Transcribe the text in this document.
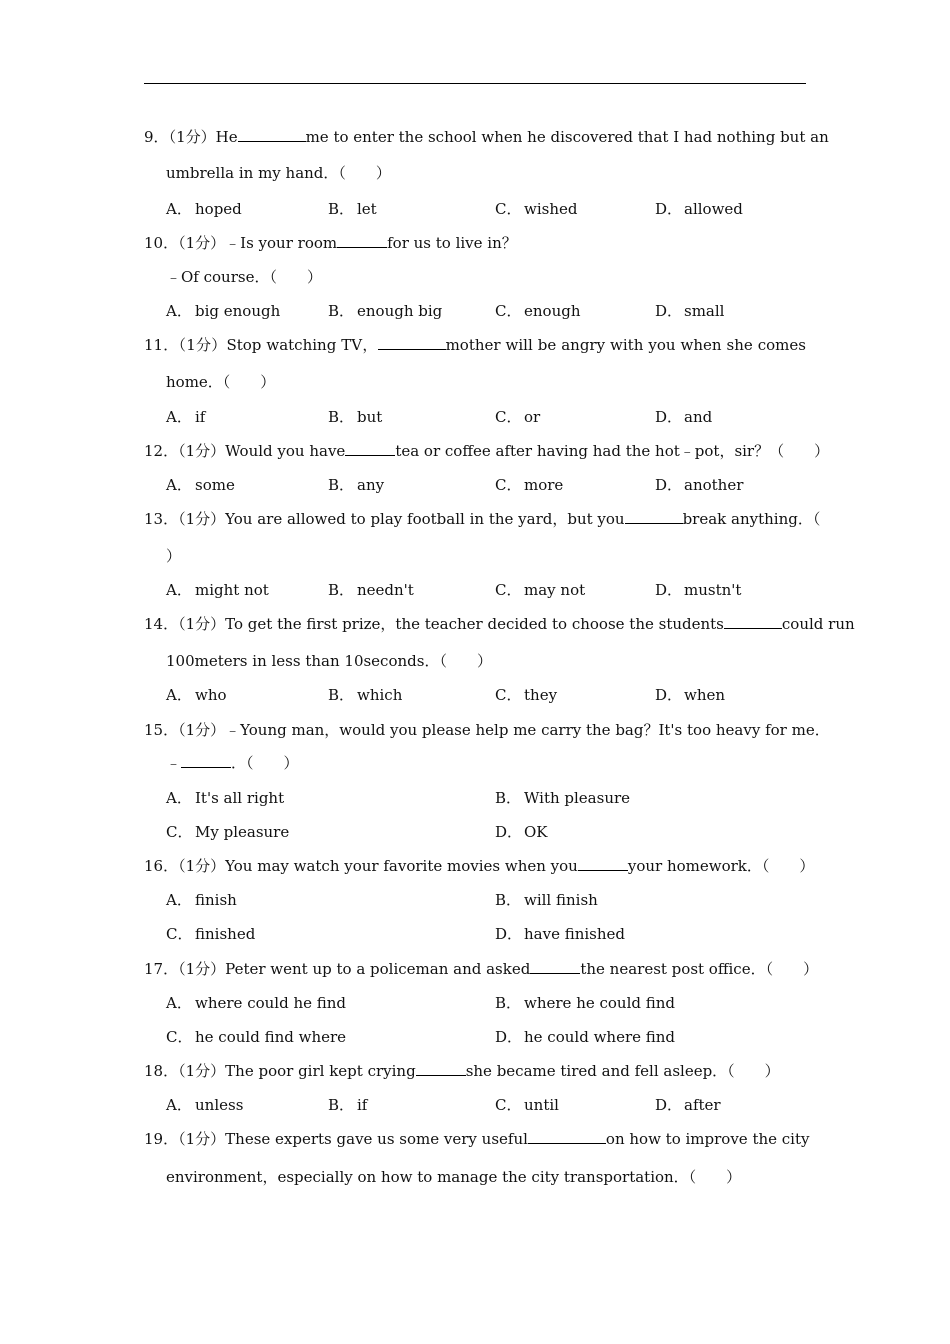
9．（1分）He	me to enter the school when he discovered that I had nothing but an
umbrella in my hand．（　　）
A． hoped	B． let	C． wished	D． allowed
10．（1分）﹣Is your room	for us to live in？
﹣Of course．（　　）
A． big enough	B． enough big	C． enough	D． small
11．（1分）Stop watching TV，	mother will be angry with you when she comes
home．（　　）
A． if	B． but	C． or	D． and
12．（1分）Would you have	tea or coffee after having had the hot﹣pot，sir？（　　）
A． some	B． any	C． more	D． another
13．（1分）You are allowed to play football in the yard，but you	break anything．（
）
A． might not	B． needn't	C． may not	D． mustn't
14．（1分）To get the first prize，the teacher decided to choose the students	could run
100meters in less than 10seconds．（　　）
A． who	B． which	C． they	D． when
15．（1分）﹣Young man，would you please help me carry the bag？It's too heavy for me．
﹣	．（　　）
A． It's all right	B． With pleasure
C． My pleasure	D． OK
16．（1分）You may watch your favorite movies when you	your homework．（　　）
A． finish	B． will finish
C． finished	D． have finished
17．（1分）Peter went up to a policeman and asked	the nearest post office．（　　）
A． where could he find	B． where he could find
C． he could find where	D． he could where find
18．（1分）The poor girl kept crying	she became tired and fell asleep．（　　）
A． unless	B． if	C． until	D． after
19．（1分）These experts gave us some very useful	on how to improve the city
environment，especially on how to manage the city transportation．（　　）
